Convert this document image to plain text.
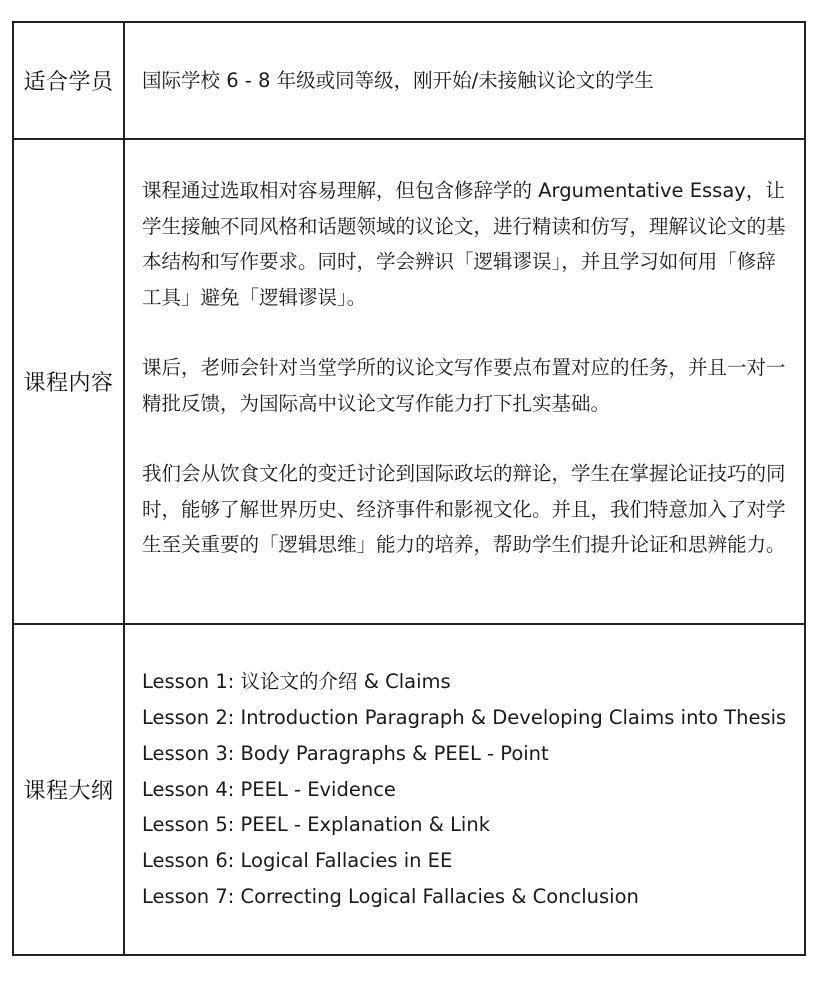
适合学员	国际学校 6 - 8 年级或同等级，刚开始/未接触议论文的学生

课程内容

课程通过选取相对容易理解，但包含修辞学的 Argumentative Essay，让学生接触不同风格和话题领域的议论文，进行精读和仿写，理解议论文的基本结构和写作要求。同时，学会辨识「逻辑谬误」，并且学习如何用「修辞工具」避免「逻辑谬误」。

课后，老师会针对当堂学所的议论文写作要点布置对应的任务，并且一对一精批反馈，为国际高中议论文写作能力打下扎实基础。

我们会从饮食文化的变迁讨论到国际政坛的辩论，学生在掌握论证技巧的同时，能够了解世界历史、经济事件和影视文化。并且，我们特意加入了对学生至关重要的「逻辑思维」能力的培养，帮助学生们提升论证和思辨能力。

课程大纲

Lesson 1: 议论文的介绍 & Claims

Lesson 2: Introduction Paragraph & Developing Claims into Thesis

Lesson 3: Body Paragraphs & PEEL - Point

Lesson 4: PEEL - Evidence

Lesson 5: PEEL - Explanation & Link

Lesson 6: Logical Fallacies in EE

Lesson 7: Correcting Logical Fallacies & Conclusion
